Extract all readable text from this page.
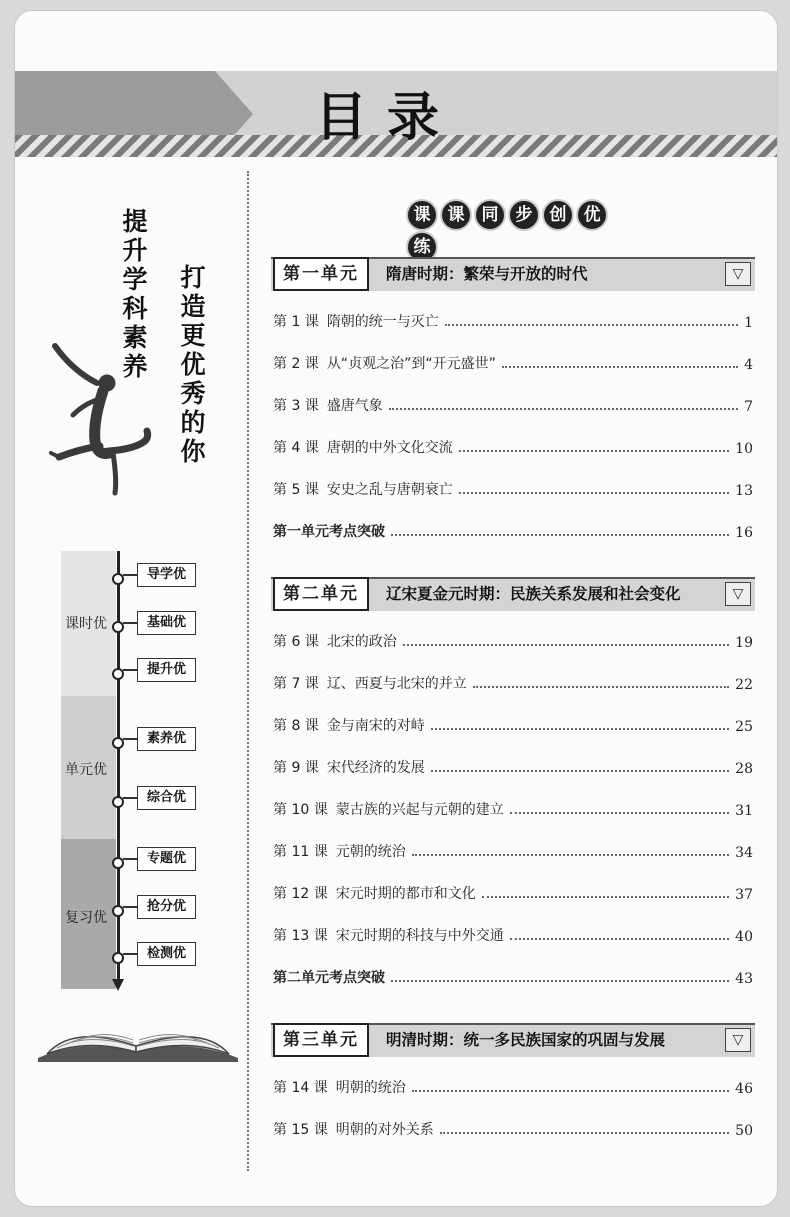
目录
提升学科素养
打造更优秀的你
课时优
单元优
复习优
导学优
基础优
提升优
素养优
综合优
专题优
抢分优
检测优
课 课 同 步 创 优练
第一单元	隋唐时期：繁荣与开放的时代	▽
第 1 课 隋朝的统一与灭亡	1
第 2 课 从“贞观之治”到“开元盛世”	4
第 3 课 盛唐气象	7
第 4 课 唐朝的中外文化交流	10
第 5 课 安史之乱与唐朝衰亡	13
第一单元考点突破	16
第二单元	辽宋夏金元时期：民族关系发展和社会变化	▽
第 6 课 北宋的政治	19
第 7 课 辽、西夏与北宋的并立	22
第 8 课 金与南宋的对峙	25
第 9 课 宋代经济的发展	28
第 10 课 蒙古族的兴起与元朝的建立	31
第 11 课 元朝的统治	34
第 12 课 宋元时期的都市和文化	37
第 13 课 宋元时期的科技与中外交通	40
第二单元考点突破	43
第三单元	明清时期：统一多民族国家的巩固与发展	▽
第 14 课 明朝的统治	46
第 15 课 明朝的对外关系	50
